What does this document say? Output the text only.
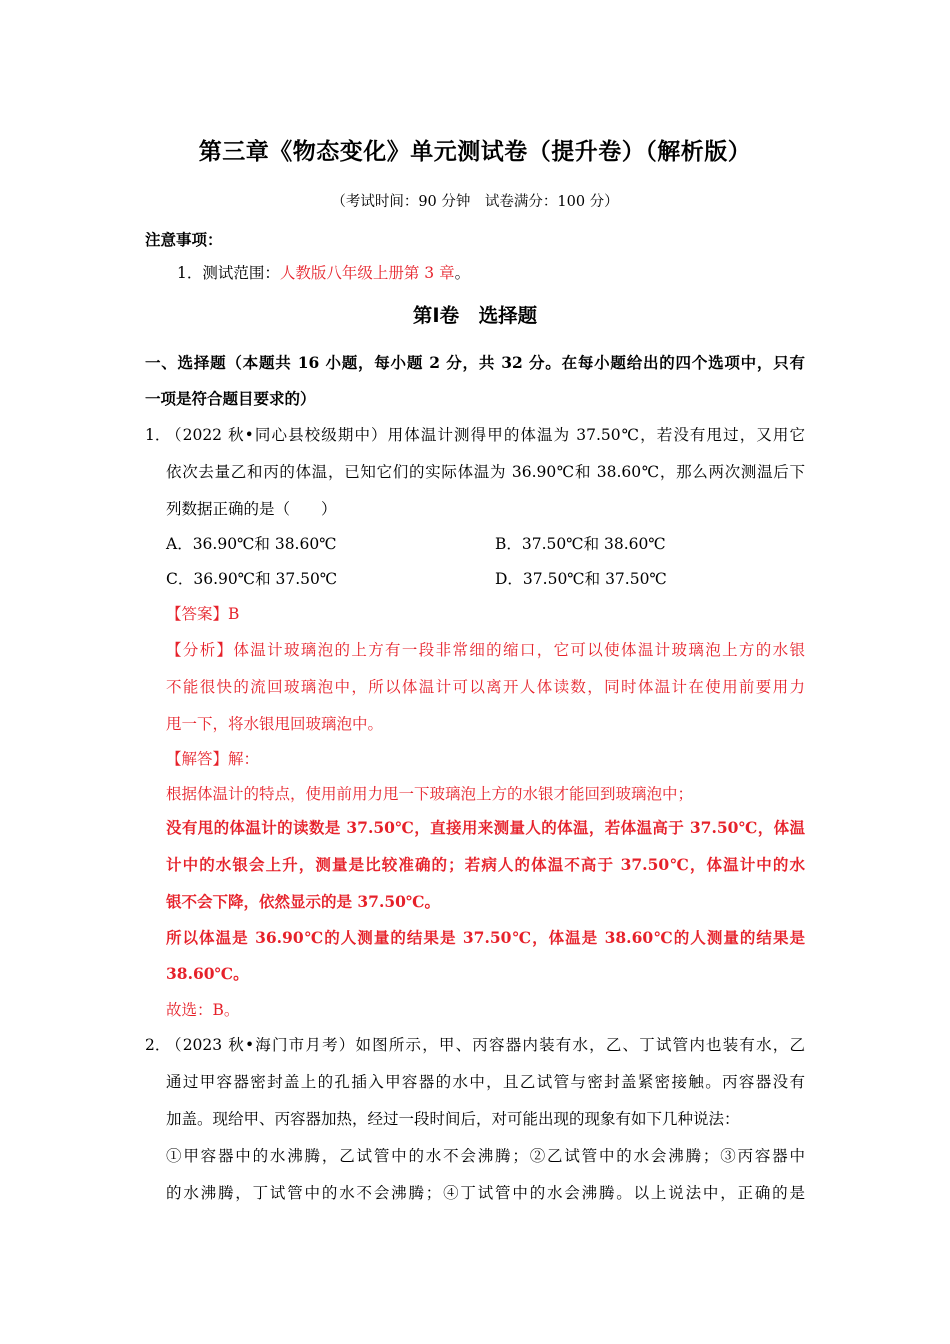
第三章《物态变化》单元测试卷（提升卷）（解析版）
（考试时间：90 分钟　试卷满分：100 分）
注意事项：
1．测试范围：人教版八年级上册第 3 章。
第Ⅰ卷　选择题
一、选择题（本题共 16 小题，每小题 2 分，共 32 分。在每小题给出的四个选项中，只有
一项是符合题目要求的）
1．
（2022 秋•同心县校级期中）用体温计测得甲的体温为 37.50℃，若没有甩过，又用它
依次去量乙和丙的体温，已知它们的实际体温为 36.90℃和 38.60℃，那么两次测温后下
列数据正确的是（　　）
A．36.90℃和 38.60℃	B．37.50℃和 38.60℃
C．36.90℃和 37.50℃	D．37.50℃和 37.50℃
【答案】B
【分析】体温计玻璃泡的上方有一段非常细的缩口，它可以使体温计玻璃泡上方的水银
不能很快的流回玻璃泡中，所以体温计可以离开人体读数，同时体温计在使用前要用力
甩一下，将水银甩回玻璃泡中。
【解答】解：
根据体温计的特点，使用前用力甩一下玻璃泡上方的水银才能回到玻璃泡中；
没有甩的体温计的读数是 37.50℃，直接用来测量人的体温，若体温高于 37.50℃，体温
计中的水银会上升，测量是比较准确的；若病人的体温不高于 37.50℃，体温计中的水
银不会下降，依然显示的是 37.50℃。
所以体温是 36.90℃的人测量的结果是 37.50℃，体温是 38.60℃的人测量的结果是
38.60℃。
故选：B。
2．
（2023 秋•海门市月考）如图所示，甲、丙容器内装有水，乙、丁试管内也装有水，乙
通过甲容器密封盖上的孔插入甲容器的水中，且乙试管与密封盖紧密接触。丙容器没有
加盖。现给甲、丙容器加热，经过一段时间后，对可能出现的现象有如下几种说法：
①甲容器中的水沸腾，乙试管中的水不会沸腾；②乙试管中的水会沸腾；③丙容器中
的水沸腾，丁试管中的水不会沸腾；④丁试管中的水会沸腾。以上说法中，正确的是
